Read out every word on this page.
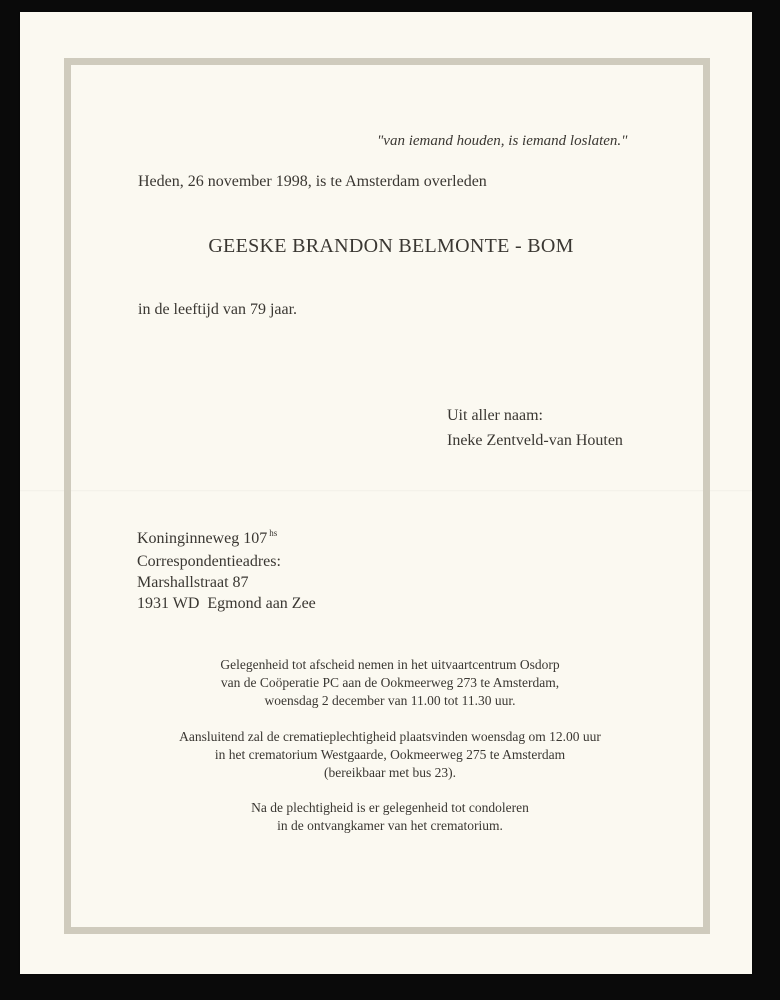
"van iemand houden, is iemand loslaten."

Heden, 26 november 1998, is te Amsterdam overleden

GEESKE BRANDON BELMONTE - BOM

in de leeftijd van 79 jaar.

Uit aller naam:

Ineke Zentveld-van Houten

Koninginneweg 107 $^{hs}$

Correspondentieadres:

Marshallstraat 87

1931 WD  Egmond aan Zee

Gelegenheid tot afscheid nemen in het uitvaartcentrum Osdorp

van de Coöperatie PC aan de Ookmeerweg 273 te Amsterdam,

woensdag 2 december van 11.00 tot 11.30 uur.

Aansluitend zal de crematieplechtigheid plaatsvinden woensdag om 12.00 uur

in het crematorium Westgaarde, Ookmeerweg 275 te Amsterdam

(bereikbaar met bus 23).

Na de plechtigheid is er gelegenheid tot condoleren

in de ontvangkamer van het crematorium.
